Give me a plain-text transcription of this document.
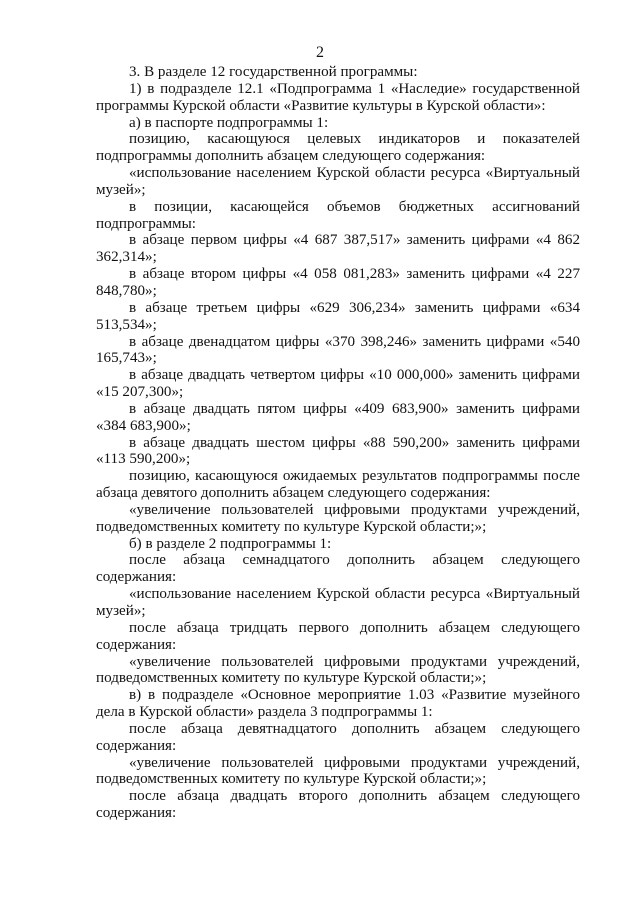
2

3. В разделе 12 государственной программы:

1) в подразделе 12.1 «Подпрограмма 1 «Наследие» государственной программы Курской области «Развитие культуры в Курской области»:

а) в паспорте подпрограммы 1:

позицию, касающуюся целевых индикаторов и показателей подпрограммы дополнить абзацем следующего содержания:

«использование населением Курской области ресурса «Виртуальный музей»;

в позиции, касающейся объемов бюджетных ассигнований подпрограммы:

в абзаце первом цифры «4 687 387,517» заменить цифрами «4 862 362,314»;

в абзаце втором цифры «4 058 081,283» заменить цифрами «4 227 848,780»;

в абзаце третьем цифры «629 306,234» заменить цифрами «634 513,534»;

в абзаце двенадцатом цифры «370 398,246» заменить цифрами «540 165,743»;

в абзаце двадцать четвертом цифры «10 000,000» заменить цифрами «15 207,300»;

в абзаце двадцать пятом цифры «409 683,900» заменить цифрами «384 683,900»;

в абзаце двадцать шестом цифры «88 590,200» заменить цифрами «113 590,200»;

позицию, касающуюся ожидаемых результатов подпрограммы после абзаца девятого дополнить абзацем следующего содержания:

«увеличение пользователей цифровыми продуктами учреждений, подведомственных комитету по культуре Курской области;»;

б) в разделе 2 подпрограммы 1:

после абзаца семнадцатого дополнить абзацем следующего содержания:

«использование населением Курской области ресурса «Виртуальный музей»;

после абзаца тридцать первого дополнить абзацем следующего содержания:

«увеличение пользователей цифровыми продуктами учреждений, подведомственных комитету по культуре Курской области;»;

в) в подразделе «Основное мероприятие 1.03 «Развитие музейного дела в Курской области» раздела 3 подпрограммы 1:

после абзаца девятнадцатого дополнить абзацем следующего содержания:

«увеличение пользователей цифровыми продуктами учреждений, подведомственных комитету по культуре Курской области;»;

после абзаца двадцать второго дополнить абзацем следующего содержания:
